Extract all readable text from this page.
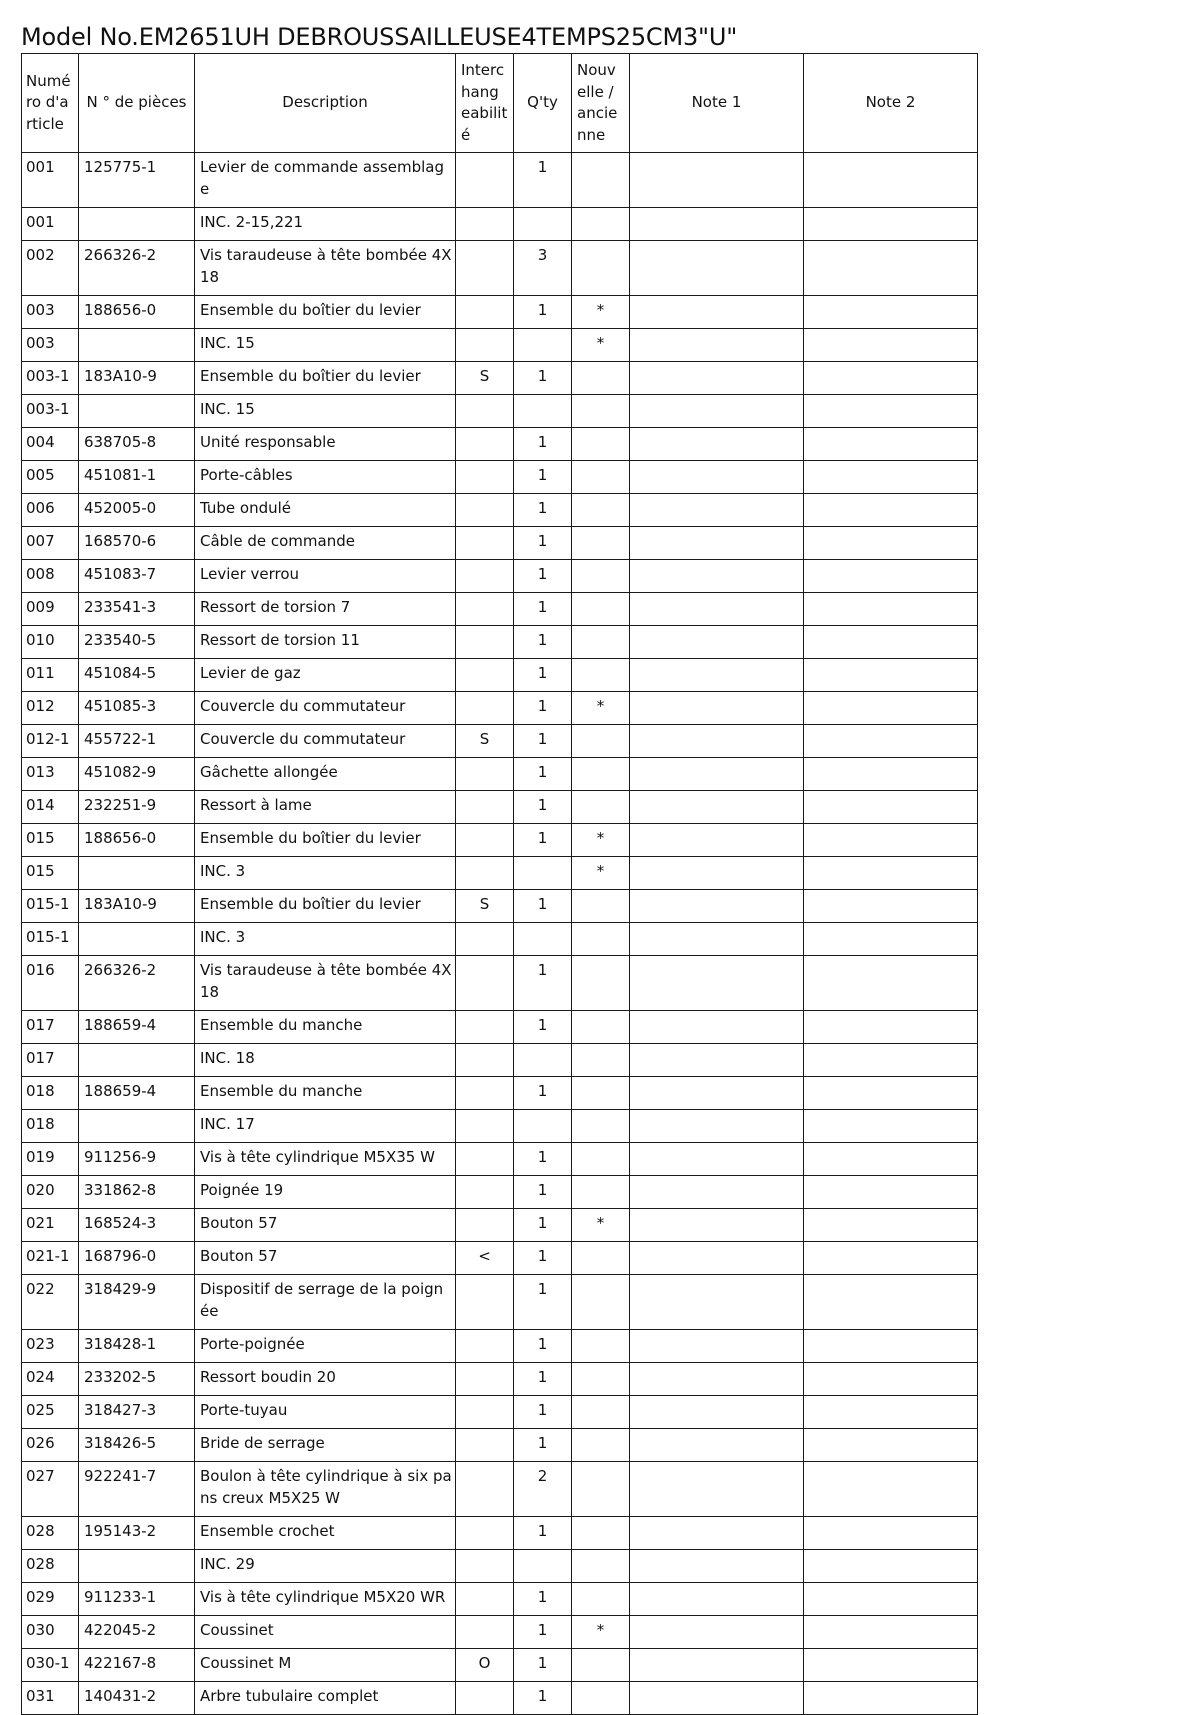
Model No.EM2651UH DEBROUSSAILLEUSE4TEMPS25CM3"U"
Numé ro d'a rticle	N ° de pièces	Description	Interc hang eabilit é	Q'ty	Nouv elle / ancie nne	Note 1	Note 2
001	125775-1	Levier de commande assemblag e		1			
001		INC. 2-15,221					
002	266326-2	Vis taraudeuse à tête bombée 4X 18		3			
003	188656-0	Ensemble du boîtier du levier		1	*		
003		INC. 15			*		
003-1	183A10-9	Ensemble du boîtier du levier	S	1			
003-1		INC. 15					
004	638705-8	Unité responsable		1			
005	451081-1	Porte-câbles		1			
006	452005-0	Tube ondulé		1			
007	168570-6	Câble de commande		1			
008	451083-7	Levier verrou		1			
009	233541-3	Ressort de torsion 7		1			
010	233540-5	Ressort de torsion 11		1			
011	451084-5	Levier de gaz		1			
012	451085-3	Couvercle du commutateur		1	*		
012-1	455722-1	Couvercle du commutateur	S	1			
013	451082-9	Gâchette allongée		1			
014	232251-9	Ressort à lame		1			
015	188656-0	Ensemble du boîtier du levier		1	*		
015		INC. 3			*		
015-1	183A10-9	Ensemble du boîtier du levier	S	1			
015-1		INC. 3					
016	266326-2	Vis taraudeuse à tête bombée 4X 18		1			
017	188659-4	Ensemble du manche		1			
017		INC. 18					
018	188659-4	Ensemble du manche		1			
018		INC. 17					
019	911256-9	Vis à tête cylindrique M5X35 W		1			
020	331862-8	Poignée 19		1			
021	168524-3	Bouton 57		1	*		
021-1	168796-0	Bouton 57	<	1			
022	318429-9	Dispositif de serrage de la poign ée		1			
023	318428-1	Porte-poignée		1			
024	233202-5	Ressort boudin 20		1			
025	318427-3	Porte-tuyau		1			
026	318426-5	Bride de serrage		1			
027	922241-7	Boulon à tête cylindrique à six pa ns creux M5X25 W		2			
028	195143-2	Ensemble crochet		1			
028		INC. 29					
029	911233-1	Vis à tête cylindrique M5X20 WR		1			
030	422045-2	Coussinet		1	*		
030-1	422167-8	Coussinet M	O	1			
031	140431-2	Arbre tubulaire complet		1			
